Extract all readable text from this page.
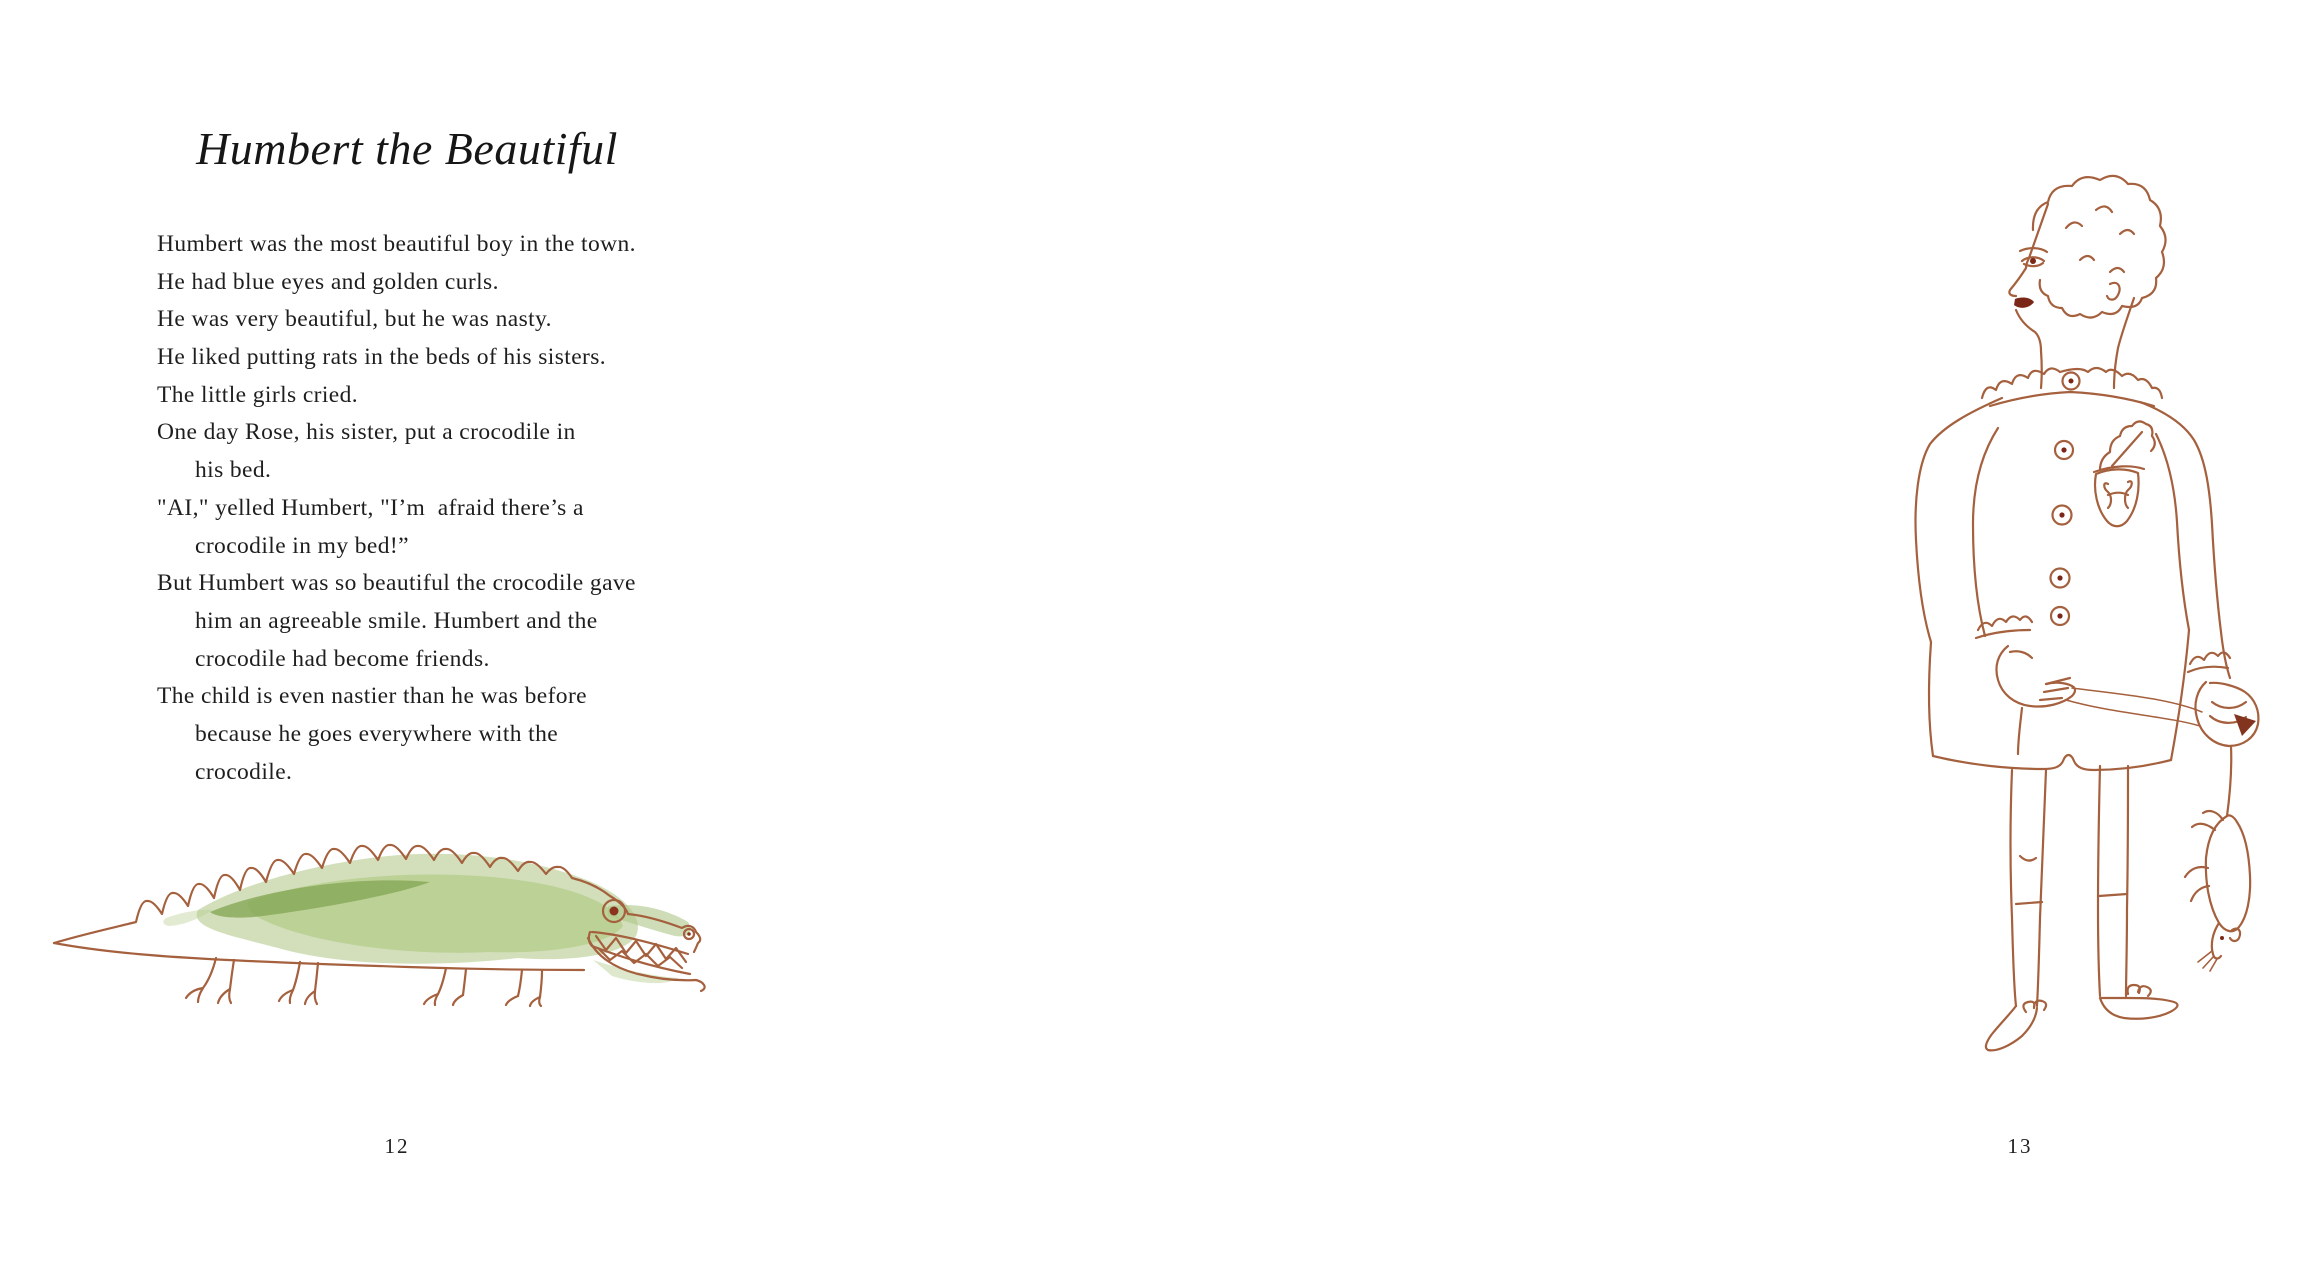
Humbert the Beautiful
Humbert was the most beautiful boy in the town.
He had blue eyes and golden curls.
He was very beautiful, but he was nasty.
He liked putting rats in the beds of his sisters.
The little girls cried.
One day Rose, his sister, put a crocodile in
his bed.
"AI," yelled Humbert, "I’m  afraid there’s a
crocodile in my bed!”
But Humbert was so beautiful the crocodile gave
him an agreeable smile. Humbert and the
crocodile had become friends.
The child is even nastier than he was before
because he goes everywhere with the
crocodile.
12	13
